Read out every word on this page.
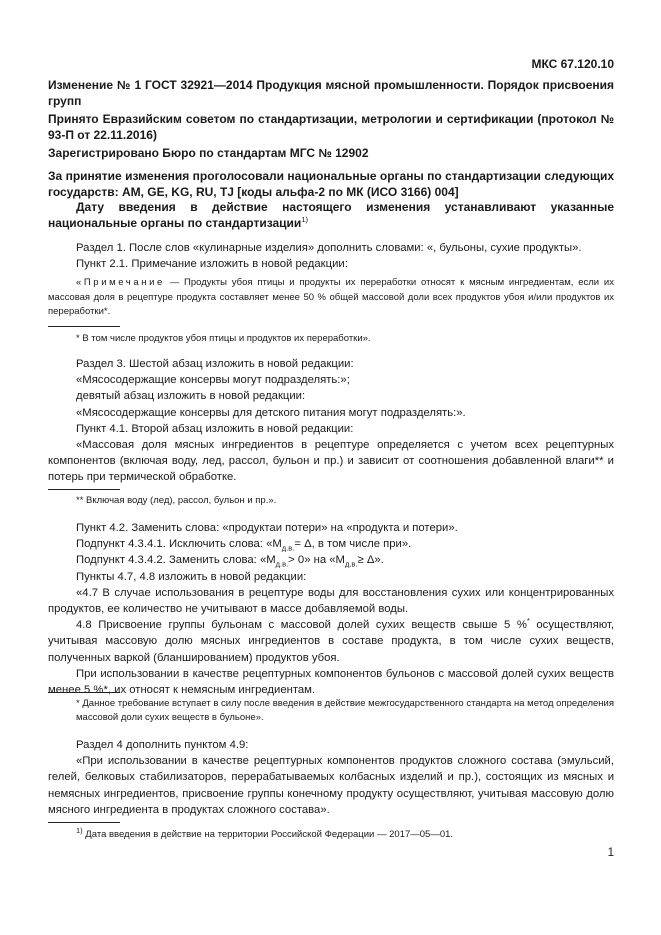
МКС 67.120.10
Изменение № 1 ГОСТ 32921—2014 Продукция мясной промышленности. Порядок присвоения групп
Принято Евразийским советом по стандартизации, метрологии и сертификации (протокол № 93-П от 22.11.2016)
Зарегистрировано Бюро по стандартам МГС № 12902
За принятие изменения проголосовали национальные органы по стандартизации следующих государств: AM, GE, KG, RU, TJ [коды альфа-2 по МК (ИСО 3166) 004]
Дату введения в действие настоящего изменения устанавливают указанные национальные органы по стандартизации$^{1)}$

Раздел 1. После слов «кулинарные изделия» дополнить словами: «, бульоны, сухие продукты».

Пункт 2.1. Примечание изложить в новой редакции:

«Примечание — Продукты убоя птицы и продукты их переработки относят к мясным ингредиентам, если их массовая доля в рецептуре продукта составляет менее 50 % общей массовой доли всех продуктов убоя и/или продуктов их переработки*.

* В том числе продуктов убоя птицы и продуктов их переработки».

Раздел 3. Шестой абзац изложить в новой редакции:

«Мясосодержащие консервы могут подразделять:»;

девятый абзац изложить в новой редакции:

«Мясосодержащие консервы для детского питания могут подразделять:».

Пункт 4.1. Второй абзац изложить в новой редакции:

«Массовая доля мясных ингредиентов в рецептуре определяется с учетом всех рецептурных компонентов (включая воду, лед, рассол, бульон и пр.) и зависит от соотношения добавленной влаги** и потерь при термической обработке.

** Включая воду (лед), рассол, бульон и пр.».

Пункт 4.2. Заменить слова: «продуктаи потери» на «продукта и потери».

Подпункт 4.3.4.1. Исключить слова: «$М_{д.в.}= \Delta$, в том числе при».

Подпункт 4.3.4.2. Заменить слова: «$М_{д.в.}> 0$» на «$М_{д.в.}\ge \Delta$».

Пункты 4.7, 4.8 изложить в новой редакции:

«4.7 В случае использования в рецептуре воды для восстановления сухих или концентрированных продуктов, ее количество не учитывают в массе добавляемой воды.

4.8 Присвоение группы бульонам с массовой долей сухих веществ свыше 5 %* осуществляют, учитывая массовую долю мясных ингредиентов в составе продукта, в том числе сухих веществ, полученных варкой (бланшированием) продуктов убоя.

При использовании в качестве рецептурных компонентов бульонов с массовой долей сухих веществ менее 5 %*, их относят к немясным ингредиентам.

* Данное требование вступает в силу после введения в действие межгосударственного стандарта на метод определения массовой доли сухих веществ в бульоне».

Раздел 4 дополнить пунктом 4.9:

«При использовании в качестве рецептурных компонентов продуктов сложного состава (эмульсий, гелей, белковых стабилизаторов, перерабатываемых колбасных изделий и пр.), состоящих из мясных и немясных ингредиентов, присвоение группы конечному продукту осуществляют, учитывая массовую долю мясного ингредиента в продуктах сложного состава».

$^{1)}$ Дата введения в действие на территории Российской Федерации — 2017—05—01.

1
